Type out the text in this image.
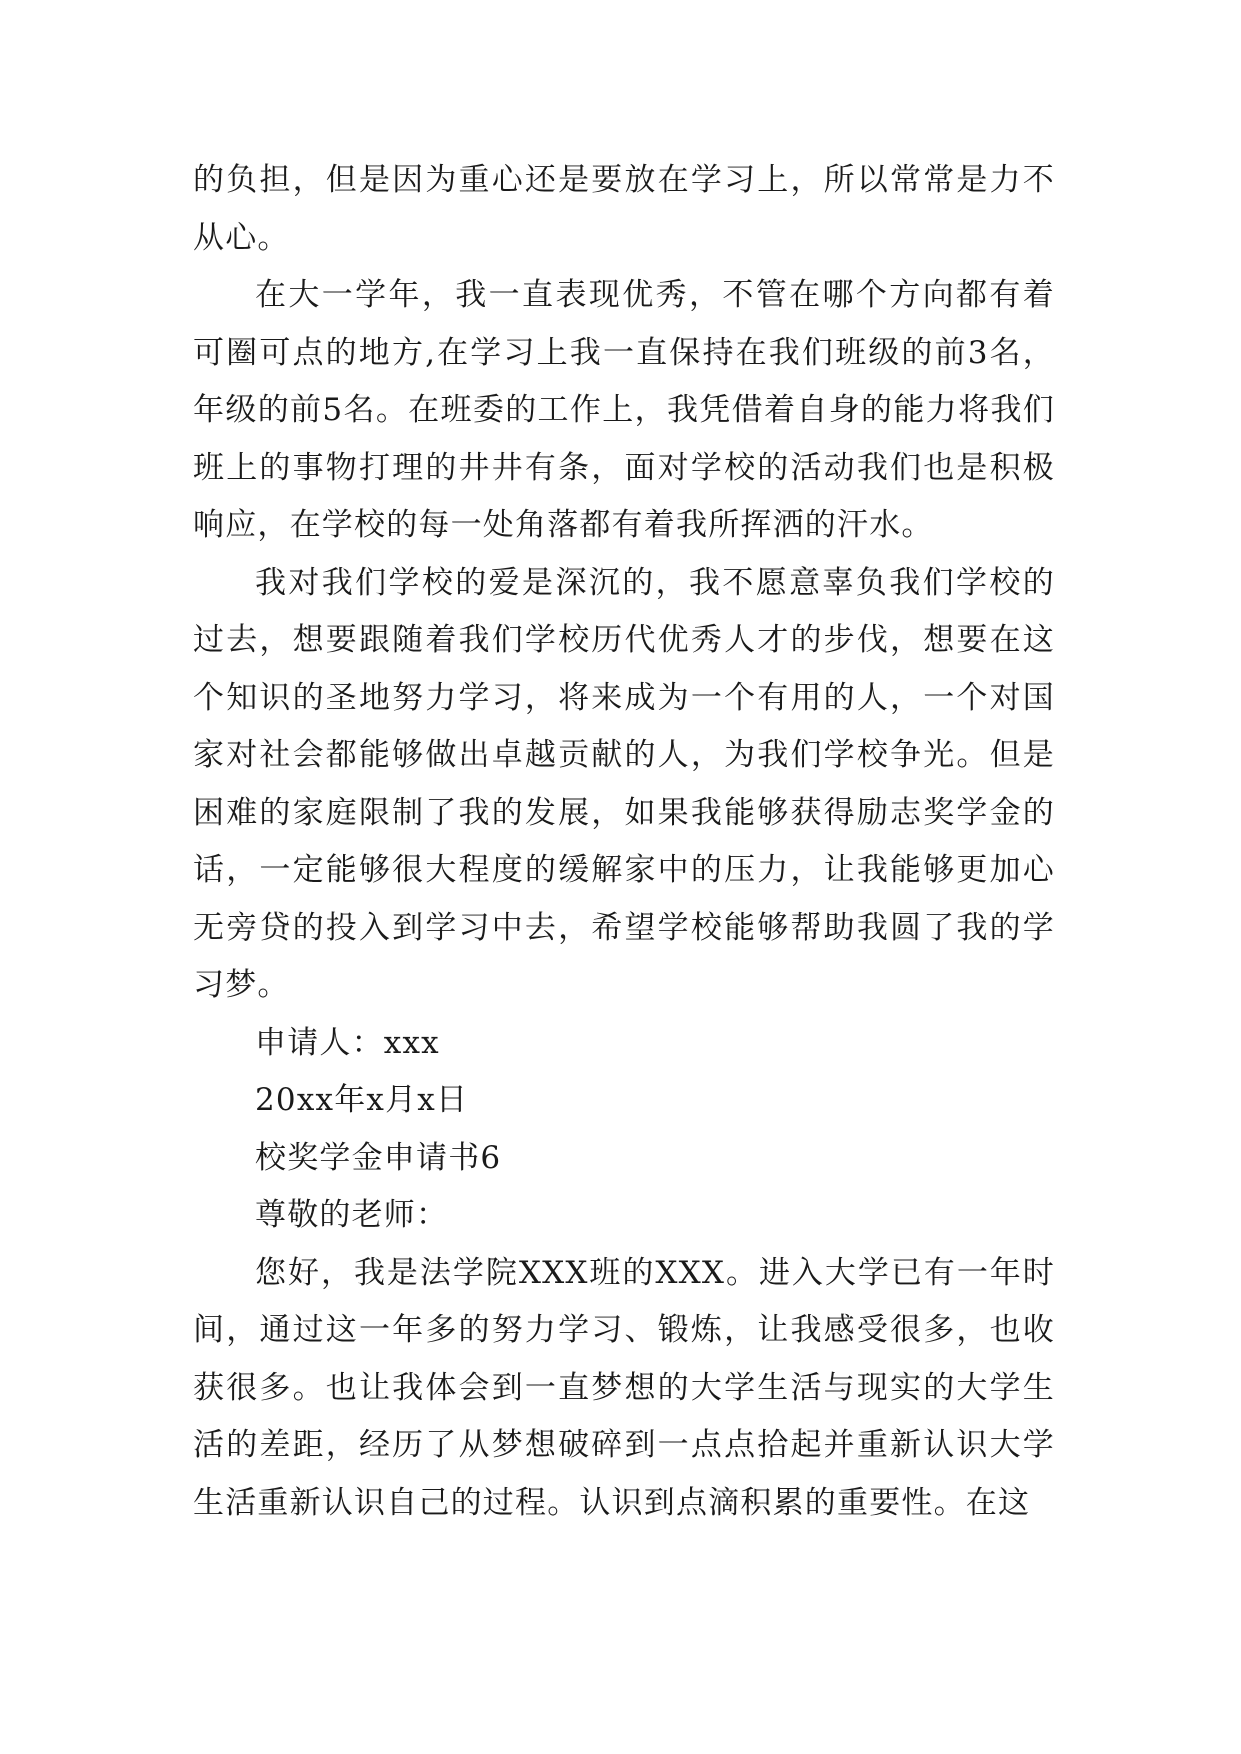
的负担，但是因为重心还是要放在学习上，所以常常是力不从心。

在大一学年，我一直表现优秀，不管在哪个方向都有着可圈可点的地方,在学习上我一直保持在我们班级的前3名，年级的前5名。在班委的工作上，我凭借着自身的能力将我们班上的事物打理的井井有条，面对学校的活动我们也是积极响应，在学校的每一处角落都有着我所挥洒的汗水。

我对我们学校的爱是深沉的，我不愿意辜负我们学校的过去，想要跟随着我们学校历代优秀人才的步伐，想要在这个知识的圣地努力学习，将来成为一个有用的人，一个对国家对社会都能够做出卓越贡献的人，为我们学校争光。但是困难的家庭限制了我的发展，如果我能够获得励志奖学金的话，一定能够很大程度的缓解家中的压力，让我能够更加心无旁贷的投入到学习中去，希望学校能够帮助我圆了我的学习梦。

申请人：xxx

20xx年x月x日

校奖学金申请书6

尊敬的老师：

您好，我是法学院XXX班的XXX。进入大学已有一年时间，通过这一年多的努力学习、锻炼，让我感受很多，也收获很多。也让我体会到一直梦想的大学生活与现实的大学生活的差距，经历了从梦想破碎到一点点拾起并重新认识大学生活重新认识自己的过程。认识到点滴积累的重要性。在这
